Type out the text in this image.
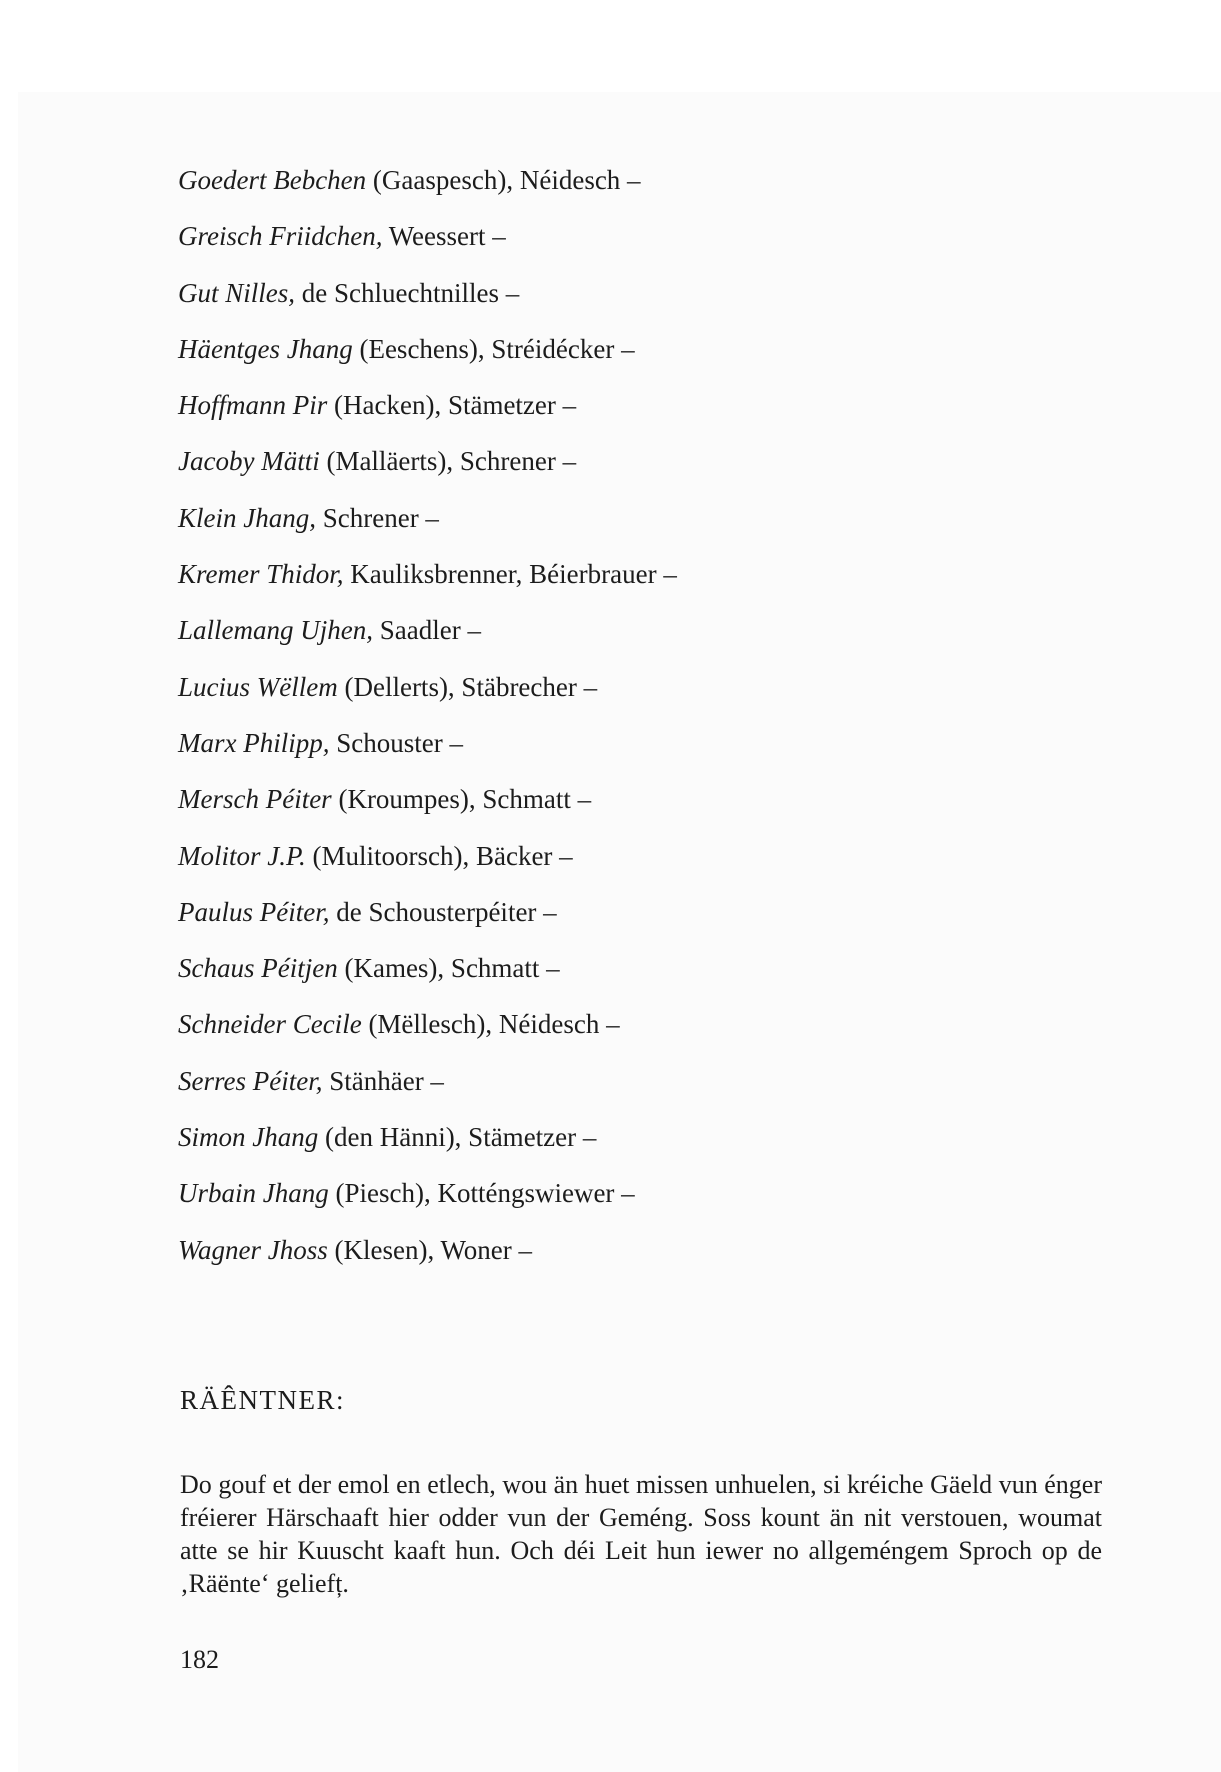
Goedert Bebchen (Gaaspesch), Néidesch –
Greisch Friidchen, Weessert –
Gut Nilles, de Schluechtnilles –
Häentges Jhang (Eeschens), Stréidécker –
Hoffmann Pir (Hacken), Stämetzer –
Jacoby Mätti (Malläerts), Schrener –
Klein Jhang, Schrener –
Kremer Thidor, Kauliksbrenner, Béierbrauer –
Lallemang Ujhen, Saadler –
Lucius Wëllem (Dellerts), Stäbrecher –
Marx Philipp, Schouster –
Mersch Péiter (Kroumpes), Schmatt –
Molitor J.P. (Mulitoorsch), Bäcker –
Paulus Péiter, de Schousterpéiter –
Schaus Péitjen (Kames), Schmatt –
Schneider Cecile (Mëllesch), Néidesch –
Serres Péiter, Stänhäer –
Simon Jhang (den Hänni), Stämetzer –
Urbain Jhang (Piesch), Kotténgswiewer –
Wagner Jhoss (Klesen), Woner –
RÄÊNTNER:

Do gouf et der emol en etlech, wou än huet missen unhuelen, si kréiche Gäeld vun énger fréierer Härschaaft hier odder vun der Geméng. Soss kount än nit verstouen, woumat atte se hir Kuuscht kaaft hun. Och déi Leit hun iewer no allgeméngem Sproch op de ‚Räënte‘ geliefț.

182
